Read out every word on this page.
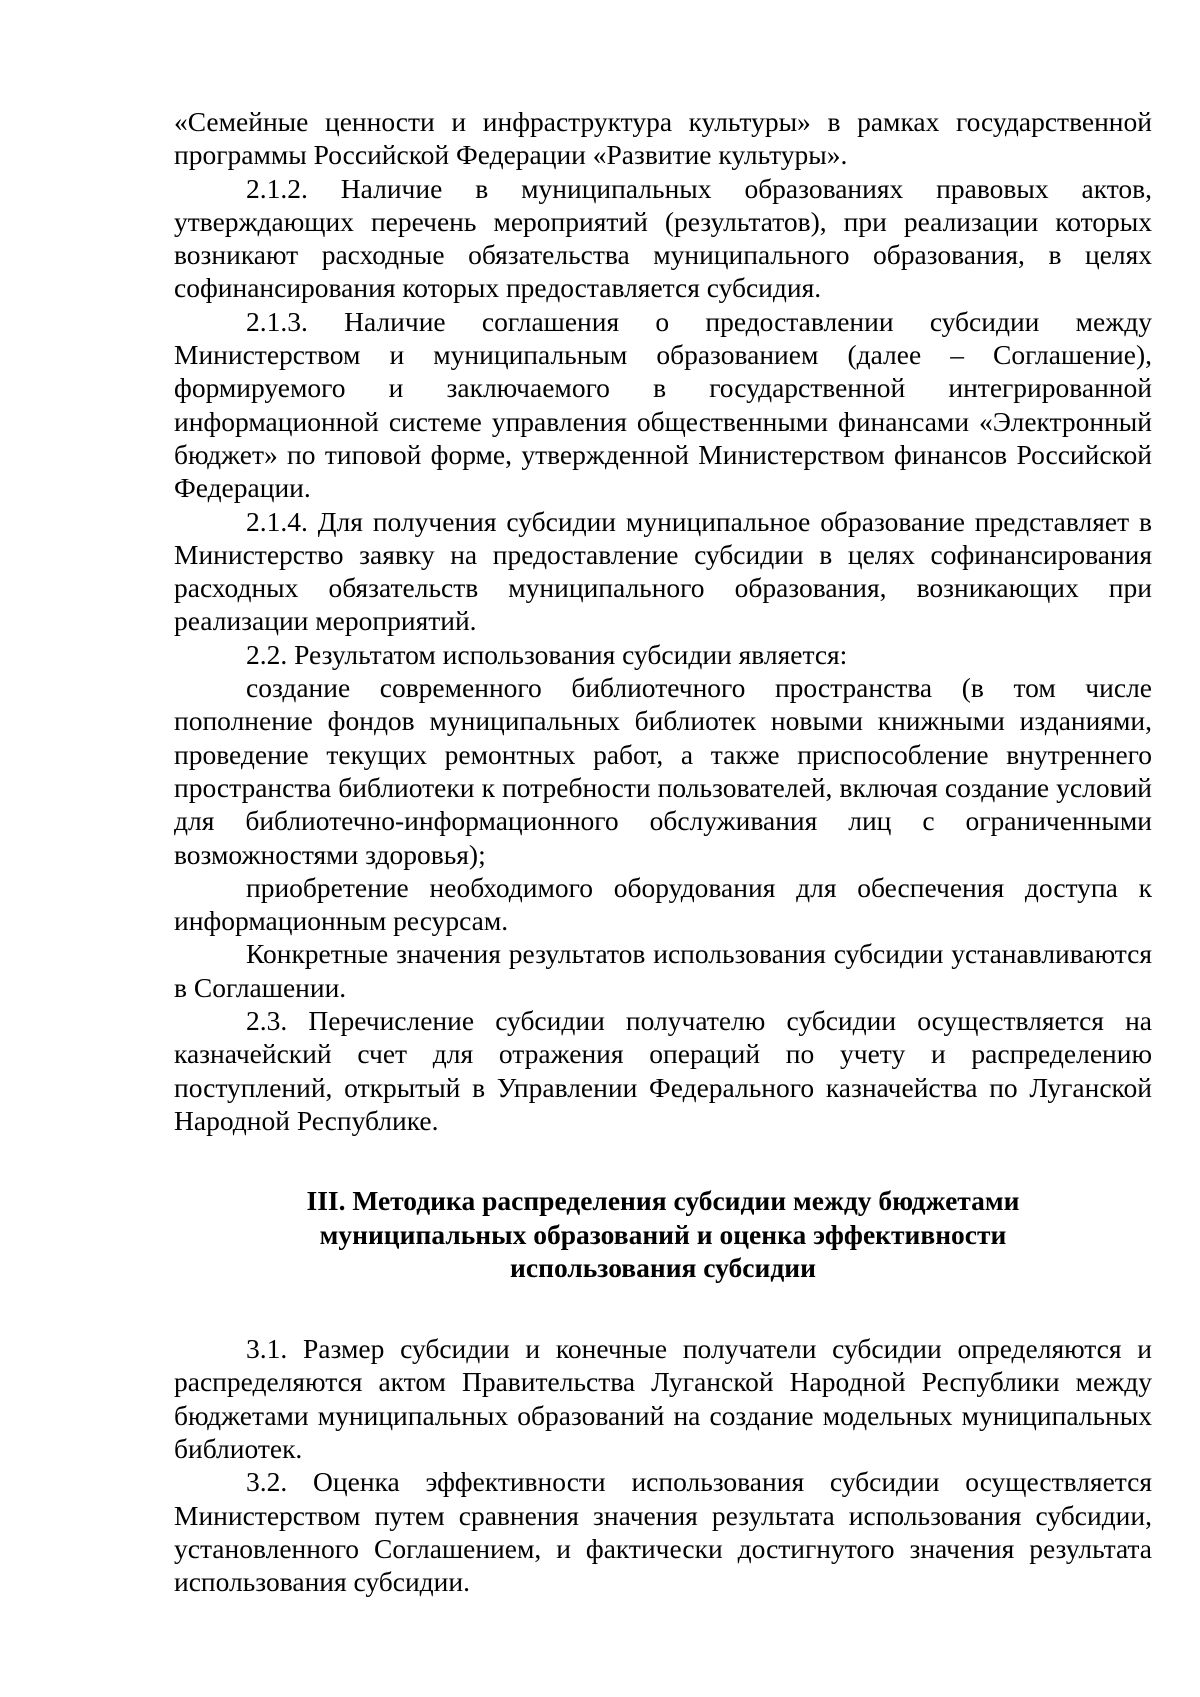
«Семейные ценности и инфраструктура культуры» в рамках государственной программы Российской Федерации «Развитие культуры».

2.1.2. Наличие в муниципальных образованиях правовых актов, утверждающих перечень мероприятий (результатов), при реализации которых возникают расходные обязательства муниципального образования, в целях софинансирования которых предоставляется субсидия.

2.1.3. Наличие соглашения о предоставлении субсидии между Министерством и муниципальным образованием (далее – Соглашение), формируемого и заключаемого в государственной интегрированной информационной системе управления общественными финансами «Электронный бюджет» по типовой форме, утвержденной Министерством финансов Российской Федерации.

2.1.4. Для получения субсидии муниципальное образование представляет в Министерство заявку на предоставление субсидии в целях софинансирования расходных обязательств муниципального образования, возникающих при реализации мероприятий.

2.2. Результатом использования субсидии является:

создание современного библиотечного пространства (в том числе пополнение фондов муниципальных библиотек новыми книжными изданиями, проведение текущих ремонтных работ, а также приспособление внутреннего пространства библиотеки к потребности пользователей, включая создание условий для библиотечно-информационного обслуживания лиц с ограниченными возможностями здоровья);

приобретение необходимого оборудования для обеспечения доступа к информационным ресурсам.

Конкретные значения результатов использования субсидии устанавливаются в Соглашении.

2.3. Перечисление субсидии получателю субсидии осуществляется на казначейский счет для отражения операций по учету и распределению поступлений, открытый в Управлении Федерального казначейства по Луганской Народной Республике.

III. Методика распределения субсидии между бюджетами
муниципальных образований и оценка эффективности
использования субсидии

3.1. Размер субсидии и конечные получатели субсидии определяются и распределяются актом Правительства Луганской Народной Республики между бюджетами муниципальных образований на создание модельных муниципальных библиотек.

3.2. Оценка эффективности использования субсидии осуществляется Министерством путем сравнения значения результата использования субсидии, установленного Соглашением, и фактически достигнутого значения результата использования субсидии.
